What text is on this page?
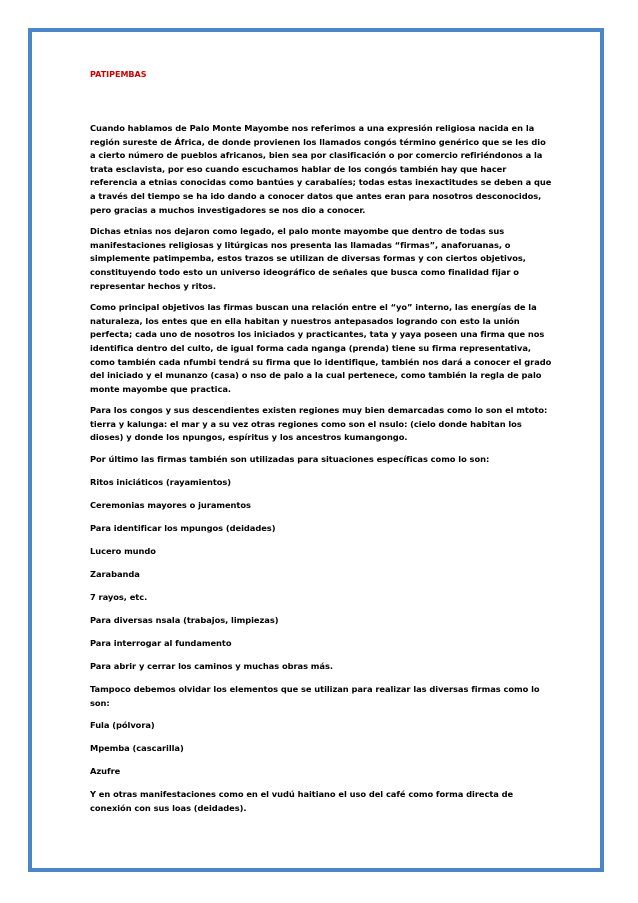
PATIPEMBAS

Cuando hablamos de Palo Monte Mayombe nos referimos a una expresión religiosa nacida en la región sureste de África, de donde provienen los llamados congós término genérico que se les dio a cierto número de pueblos africanos, bien sea por clasificación o por comercio refiriéndonos a la trata esclavista, por eso cuando escuchamos hablar de los congós también hay que hacer referencia a etnias conocidas como bantúes y carabalíes; todas estas inexactitudes se deben a que a través del tiempo se ha ido dando a conocer datos que antes eran para nosotros desconocidos, pero gracias a muchos investigadores se nos dio a conocer.

Dichas etnias nos dejaron como legado, el palo monte mayombe que dentro de todas sus manifestaciones religiosas y litúrgicas nos presenta las llamadas “firmas”, anaforuanas, o simplemente patimpemba, estos trazos se utilizan de diversas formas y con ciertos objetivos, constituyendo todo esto un universo ideográfico de señales que busca como finalidad fijar o representar hechos y ritos.

Como principal objetivos las firmas buscan una relación entre el “yo” interno, las energías de la naturaleza, los entes que en ella habitan y nuestros antepasados logrando con esto la unión perfecta; cada uno de nosotros los iniciados y practicantes, tata y yaya poseen una firma que nos identifica dentro del culto, de igual forma cada nganga (prenda) tiene su firma representativa, como también cada nfumbi tendrá su firma que lo identifique, también nos dará a conocer el grado del iniciado y el munanzo (casa) o nso de palo a la cual pertenece, como también la regla de palo monte mayombe que practica.

Para los congos y sus descendientes existen regiones muy bien demarcadas como lo son el mtoto: tierra y kalunga: el mar y a su vez otras regiones como son el nsulo: (cielo donde habitan los dioses) y donde los npungos, espíritus y los ancestros kumangongo.

Por último las firmas también son utilizadas para situaciones específicas como lo son:

Ritos iniciáticos (rayamientos)

Ceremonias mayores o juramentos

Para identificar los mpungos (deidades)

Lucero mundo

Zarabanda

7 rayos, etc.

Para diversas nsala (trabajos, limpiezas)

Para interrogar al fundamento

Para abrir y cerrar los caminos y muchas obras más.

Tampoco debemos olvidar los elementos que se utilizan para realizar las diversas firmas como lo son:

Fula (pólvora)

Mpemba (cascarilla)

Azufre

Y en otras manifestaciones como en el vudú haitiano el uso del café como forma directa de conexión con sus loas (deidades).
